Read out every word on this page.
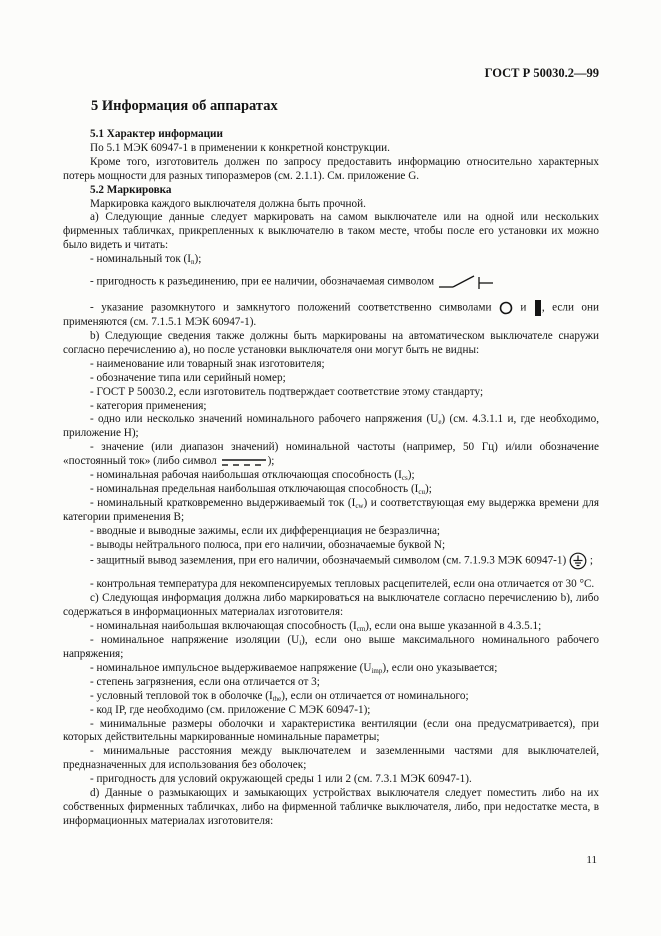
ГОСТ Р 50030.2—99
5 Информация об аппаратах

5.1 Характер информации

По 5.1 МЭК 60947-1 в применении к конкретной конструкции.

Кроме того, изготовитель должен по запросу предоставить информацию относительно характерных потерь мощности для разных типоразмеров (см. 2.1.1). См. приложение G.

5.2 Маркировка

Маркировка каждого выключателя должна быть прочной.

а) Следующие данные следует маркировать на самом выключателе или на одной или нескольких фирменных табличках, прикрепленных к выключателю в таком месте, чтобы после его установки их можно было видеть и читать:

- номинальный ток $(I_n)$;

- пригодность к разъединению, при ее наличии, обозначаемая символом

- указание разомкнутого и замкнутого положений соответственно символами	и , если они применяются (см. 7.1.5.1 МЭК 60947-1).

b) Следующие сведения также должны быть маркированы на автоматическом выключателе снаружи согласно перечислению а), но после установки выключателя они могут быть не видны:

- наименование или товарный знак изготовителя;

- обозначение типа или серийный номер;

- ГОСТ Р 50030.2, если изготовитель подтверждает соответствие этому стандарту;

- категория применения;

- одно или несколько значений номинального рабочего напряжения $(U_e)$ (см. 4.3.1.1 и, где необходимо, приложение H);

- значение (или диапазон значений) номинальной частоты (например, 50 Гц) и/или обозначение «постоянный ток» (либо символ	);

- номинальная рабочая наибольшая отключающая способность $(I_{cs})$;

- номинальная предельная наибольшая отключающая способность $(I_{cu})$;

- номинальный кратковременно выдерживаемый ток $(I_{cw})$ и соответствующая ему выдержка времени для категории применения B;

- вводные и выводные зажимы, если их дифференциация не безразлична;

- выводы нейтрального полюса, при его наличии, обозначаемые буквой N;

- защитный вывод заземления, при его наличии, обозначаемый символом (см. 7.1.9.3 МЭК 60947-1) ;

- контрольная температура для некомпенсируемых тепловых расцепителей, если она отличается от 30 °С.

с) Следующая информация должна либо маркироваться на выключателе согласно перечислению b), либо содержаться в информационных материалах изготовителя:

- номинальная наибольшая включающая способность $(I_{cm})$, если она выше указанной в 4.3.5.1;

- номинальное напряжение изоляции $(U_i)$, если оно выше максимального номинального рабочего напряжения;

- номинальное импульсное выдерживаемое напряжение $(U_{imp})$, если оно указывается;

- степень загрязнения, если она отличается от 3;

- условный тепловой ток в оболочке $(I_{the})$, если он отличается от номинального;

- код IP, где необходимо (см. приложение С МЭК 60947-1);

- минимальные размеры оболочки и характеристика вентиляции (если она предусматривается), при которых действительны маркированные номинальные параметры;

- минимальные расстояния между выключателем и заземленными частями для выключателей, предназначенных для использования без оболочек;

- пригодность для условий окружающей среды 1 или 2 (см. 7.3.1 МЭК 60947-1).

d) Данные о размыкающих и замыкающих устройствах выключателя следует поместить либо на их собственных фирменных табличках, либо на фирменной табличке выключателя, либо, при недостатке места, в информационных материалах изготовителя:

11
